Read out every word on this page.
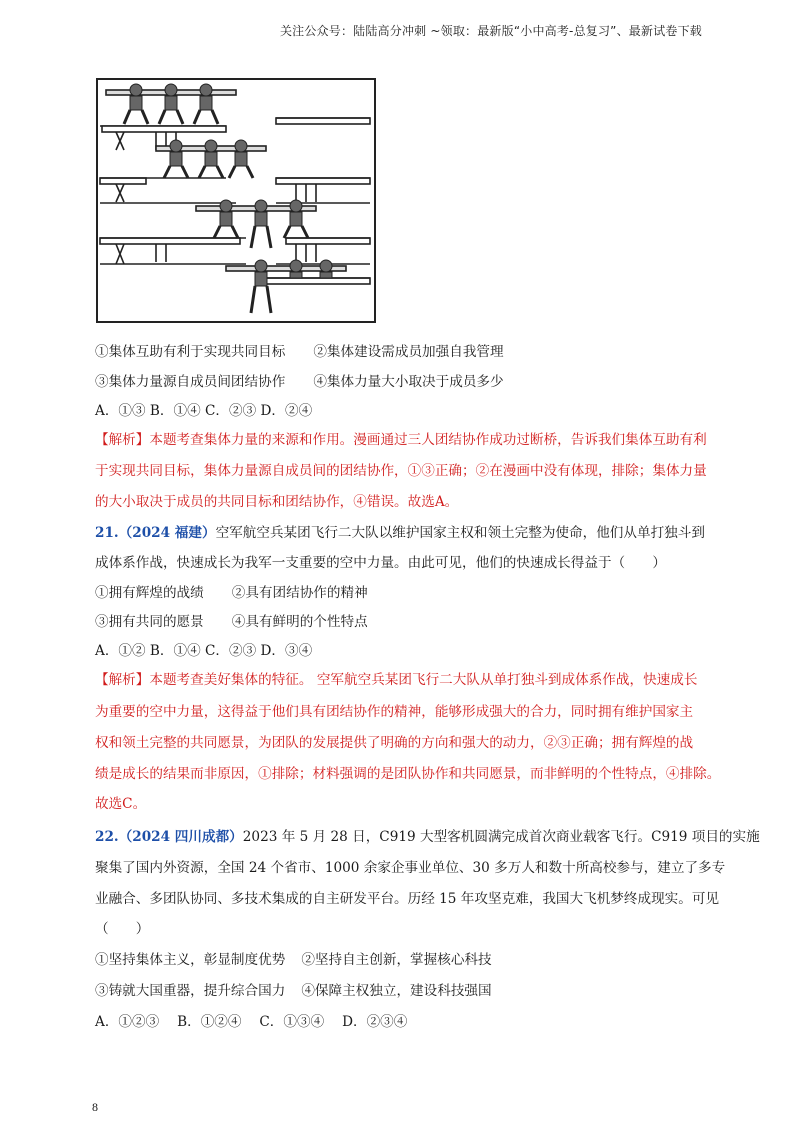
关注公众号：陆陆高分冲刺 ~领取：最新版“小中高考-总复习”、最新试卷下载
①集体互助有利于实现共同目标 ②集体建设需成员加强自我管理
③集体力量源自成员间团结协作 ④集体力量大小取决于成员多少
A．①③ B．①④ C．②③ D．②④
【解析】本题考查集体力量的来源和作用。漫画通过三人团结协作成功过断桥，告诉我们集体互助有利
于实现共同目标，集体力量源自成员间的团结协作，①③正确；②在漫画中没有体现，排除；集体力量
的大小取决于成员的共同目标和团结协作，④错误。故选A。
21.（2024 福建）空军航空兵某团飞行二大队以维护国家主权和领土完整为使命，他们从单打独斗到
成体系作战，快速成长为我军一支重要的空中力量。由此可见，他们的快速成长得益于（　　）
①拥有辉煌的战绩 ②具有团结协作的精神
③拥有共同的愿景 ④具有鲜明的个性特点
A．①② B．①④ C．②③ D．③④
【解析】本题考查美好集体的特征。 空军航空兵某团飞行二大队从单打独斗到成体系作战，快速成长
为重要的空中力量，这得益于他们具有团结协作的精神，能够形成强大的合力，同时拥有维护国家主
权和领土完整的共同愿景，为团队的发展提供了明确的方向和强大的动力，②③正确；拥有辉煌的战
绩是成长的结果而非原因，①排除；材料强调的是团队协作和共同愿景，而非鲜明的个性特点，④排除。
故选C。
22.（2024 四川成都）2023 年 5 月 28 日，C919 大型客机圆满完成首次商业载客飞行。C919 项目的实施
聚集了国内外资源，全国 24 个省市、1000 余家企事业单位、30 多万人和数十所高校参与，建立了多专
业融合、多团队协同、多技术集成的自主研发平台。历经 15 年攻坚克难，我国大飞机梦终成现实。可见
（　　）
①坚持集体主义，彰显制度优势 ②坚持自主创新，掌握核心科技
③铸就大国重器，提升综合国力 ④保障主权独立，建设科技强国
A．①②③　 B．①②④　 C．①③④　 D．②③④
8
